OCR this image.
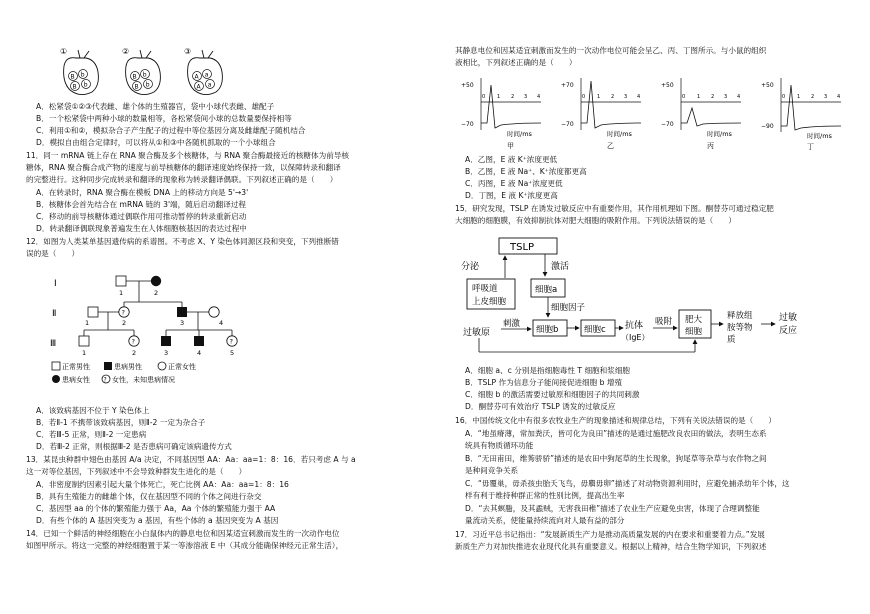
①
B b
B b
②
B b
B b
③
A a
A a
A．松紧袋①②③代表雌、雄个体的生殖器官，袋中小球代表雌、雄配子
B．一个松紧袋中两种小球的数量相等，各松紧袋间小球的总数量要保持相等
C．利用①和②，模拟杂合子产生配子的过程中等位基因分离及雌雄配子随机结合
D．模拟自由组合定律时，可以将从①和③中各随机抓取的一个小球组合
11．同一 mRNA 链上存在 RNA 聚合酶及多个核糖体，与 RNA 聚合酶最接近的核糖体为前导核
糖体，RNA 聚合酶合成产物的速度与前导核糖体的翻译速度始终保持一致，以保障转录和翻译
的完整进行。这种同步完成转录和翻译的现象称为转录翻译偶联。下列叙述正确的是（　　）
A．在转录时，RNA 聚合酶在模板 DNA 上的移动方向是 5'→3'
B．核糖体会首先结合在 mRNA 链的 3'端，随后启动翻译过程
C．移动的前导核糖体通过偶联作用可推动暂停的转录重新启动
D．转录翻译偶联现象普遍发生在人体细胞核基因的表达过程中
12．如图为人类某单基因遗传病的系谱图。不考虑 X、Y 染色体同源区段和突变，下列推断错
误的是（　　）
Ⅰ
Ⅱ
Ⅲ
1	2
?
1	2	3	4
?	?
1	2	3	4	5
正常男性	患病男性	正常女性
患病女性 ? 女性，未知患病情况
A．该致病基因不位于 Y 染色体上
B．若Ⅱ-1 不携带该致病基因，则Ⅱ-2 一定为杂合子
C．若Ⅲ-5 正常，则Ⅱ-2 一定患病
D．若Ⅲ-2 正常，则根据Ⅲ-2 是否患病可确定该病遗传方式
13．某昆虫种群中翅色由基因 A/a 决定，不同基因型 AA：Aa：aa=1：8：16．若只考虑 A 与 a
这一对等位基因，下列叙述中不会导致种群发生进化的是（　　）
A．非密度制约因素引起大量个体死亡，死亡比例 AA：Aa：aa=1：8：16
B．具有生殖能力的雌雄个体，仅在基因型不同的个体之间进行杂交
C．基因型 aa 的个体的繁殖能力强于 Aa，Aa 个体的繁殖能力强于 AA
D．有些个体的 A 基因突变为 a 基因，有些个体的 a 基因突变为 A 基因
14．已知一个鲜活的神经细胞在小白鼠体内的静息电位和因某适宜刺激而发生的一次动作电位
如图甲所示。将这一完整的神经细胞置于某一等渗溶液 E 中（其成分能确保神经元正常生活），
其静息电位和因某适宜刺激而发生的一次动作电位可能会呈乙、丙、丁图所示。与小鼠的组织
液相比，下列叙述正确的是（　　）
+50
−70
0 1 2 3 4
时间/ms
甲
+70
−70
0 1 2 3 4
时间/ms
乙
+50
−70
0 1 2 3 4
时间/ms
丙
+50
−90
0 1 2 3 4
时间/ms
丁
A．乙图，E 液 K⁺浓度更低
B．乙图，E 液 Na⁺、K⁺浓度都更高
C．丙图，E 液 Na⁺浓度更低
D．丁图，E 液 K⁺浓度更高
15．研究发现，TSLP 在诱发过敏反应中有重要作用，其作用机理如下图。酮替芬可通过稳定肥
大细胞的细胞膜，有效抑制抗体对肥大细胞的吸附作用。下列说法错误的是（　　）
TSLP
分泌	激活
呼吸道
上皮细胞
细胞a
细胞因子
过敏原
刺激
细胞b	细胞c 抗体
（IgE）
吸附 肥大
细胞
释放组
胺等物
质
过敏
反应
A．细胞 a、c 分别是指细胞毒性 T 细胞和浆细胞
B．TSLP 作为信息分子能间接促进细胞 b 增殖
C．细胞 b 的激活需要过敏原和细胞因子的共同刺激
D．酮替芬可有效治疗 TSLP 诱发的过敏反应
16．中国传统文化中有很多农牧业生产的现象描述和规律总结，下列有关说法错误的是（　　）
A．“地虽瘠薄，常加粪沃，皆可化为良田”描述的是通过施肥改良农田的做法，表明生态系
统具有物质循环功能
B．“无田甫田，维莠骄骄”描述的是农田中狗尾草的生长现象，狗尾草等杂草与农作物之间
是种间竞争关系
C．“毋覆巢，毋杀孩虫胎夭飞鸟，毋麛毋卵”描述了对动物资源利用时，应避免捕杀幼年个体，这
样有利于维持种群正常的性别比例，提高出生率
D．“去其螟螣，及其蟊贼，无害我田稚”描述了农业生产应避免虫害，体现了合理调整能
量流动关系，使能量持续流向对人最有益的部分
17．习近平总书记指出：“发展新质生产力是推动高质量发展的内在要求和重要着力点。”发展
新质生产力对加快推进农业现代化具有重要意义。根据以上精神，结合生物学知识，下列叙述
